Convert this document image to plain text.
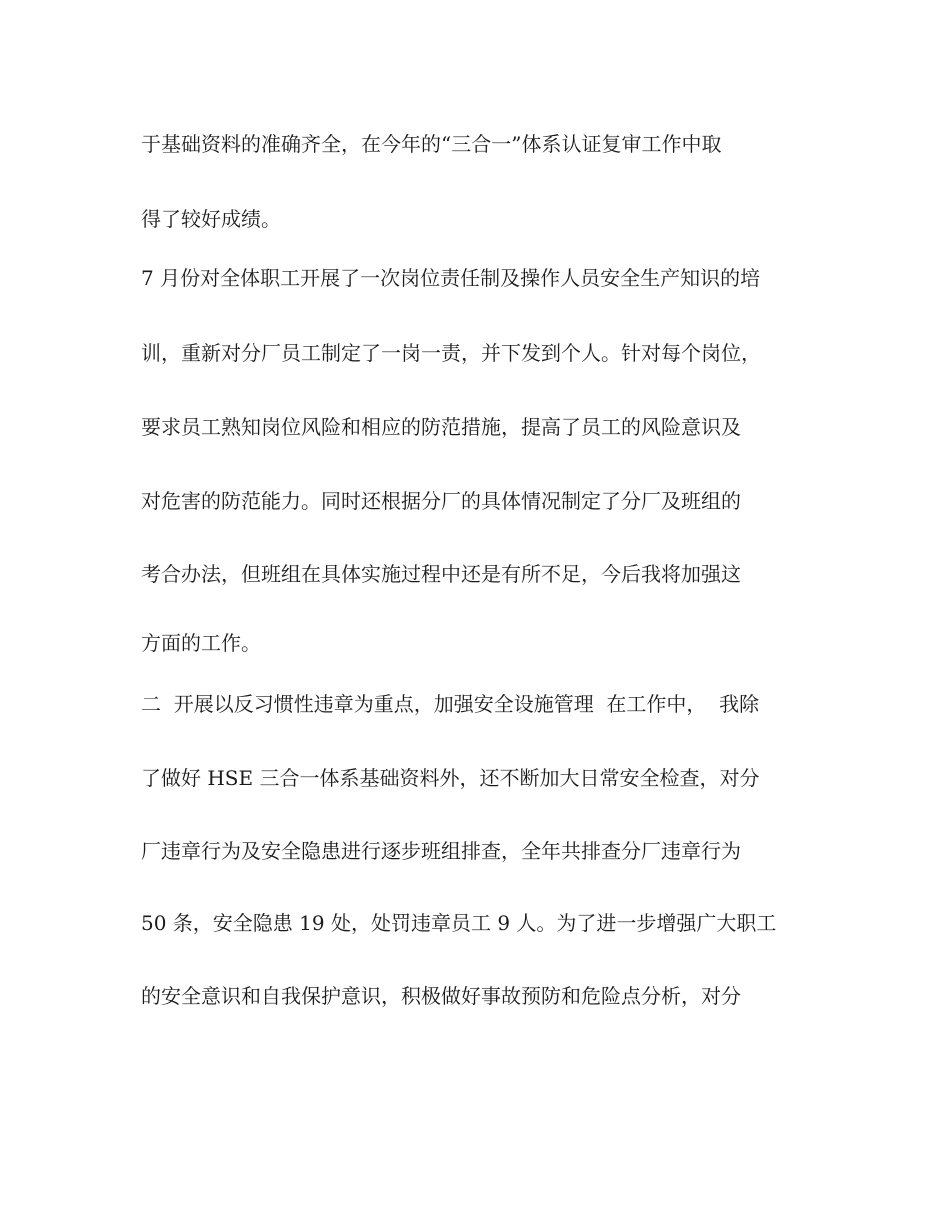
于基础资料的准确齐全，在今年的“三合一”体系认证复审工作中取
得了较好成绩。
7 月份对全体职工开展了一次岗位责任制及操作人员安全生产知识的培
训，重新对分厂员工制定了一岗一责，并下发到个人。针对每个岗位，
要求员工熟知岗位风险和相应的防范措施，提高了员工的风险意识及
对危害的防范能力。同时还根据分厂的具体情况制定了分厂及班组的
考合办法，但班组在具体实施过程中还是有所不足，今后我将加强这
方面的工作。
二  开展以反习惯性违章为重点，加强安全设施管理  在工作中，  我除
了做好 HSE 三合一体系基础资料外，还不断加大日常安全检查，对分
厂违章行为及安全隐患进行逐步班组排查，全年共排查分厂违章行为
50 条，安全隐患 19 处，处罚违章员工 9 人。为了进一步增强广大职工
的安全意识和自我保护意识，积极做好事故预防和危险点分析，对分
